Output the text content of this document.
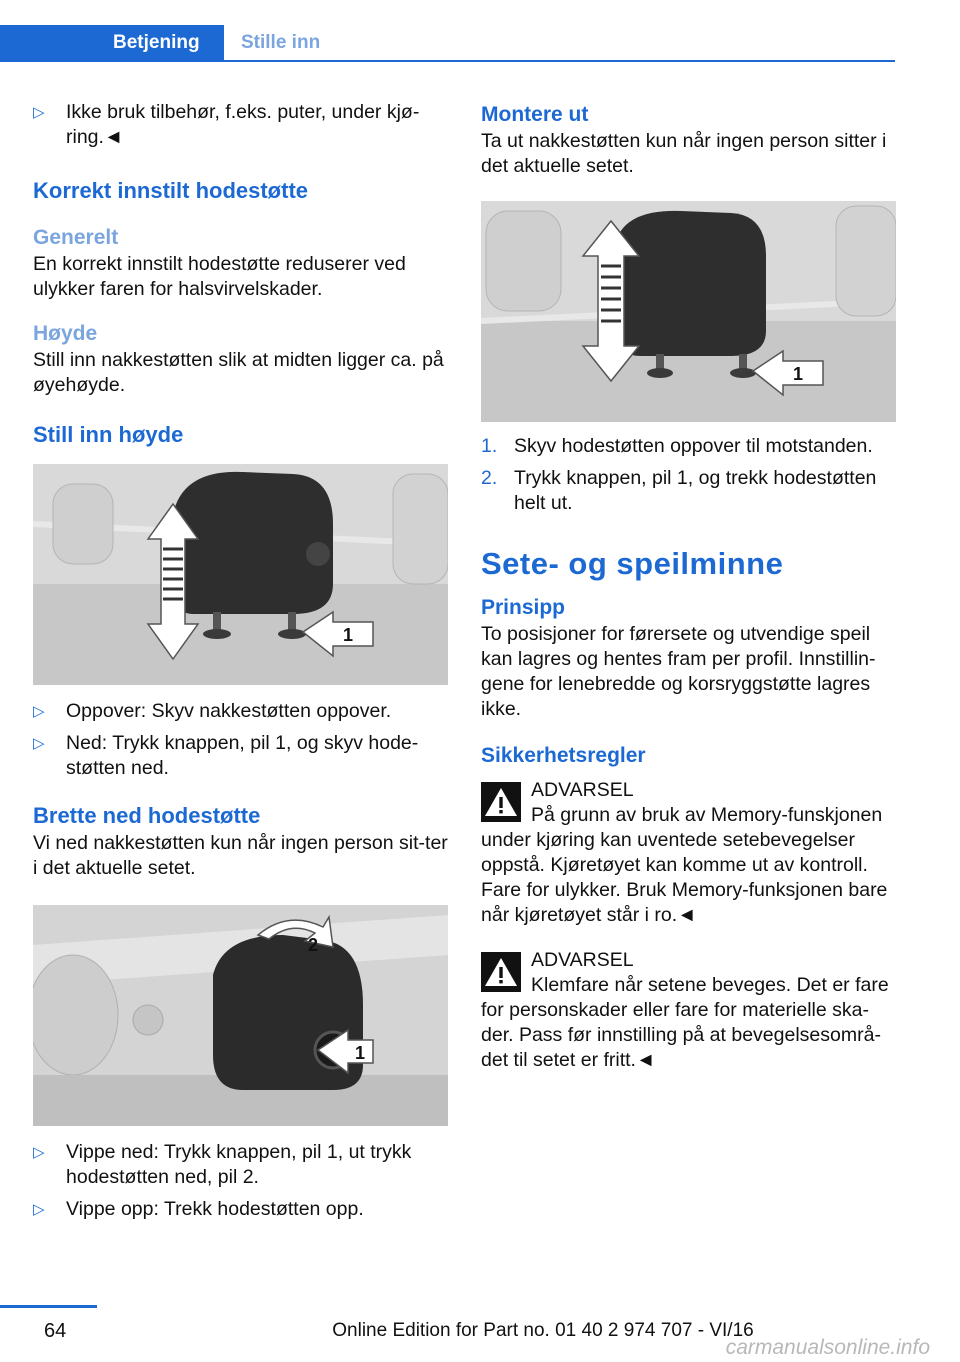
Betjening	Stille inn
▷ Ikke bruk tilbehør, f.eks. puter, under kjø-ring.◄
Korrekt innstilt hodestøtte
Generelt

En korrekt innstilt hodestøtte reduserer ved ulykker faren for halsvirvelskader.

Høyde

Still inn nakkestøtten slik at midten ligger ca. på øyehøyde.

Still inn høyde
1
▷ Oppover: Skyv nakkestøtten oppover.
▷ Ned: Trykk knappen, pil 1, og skyv hode-støtten ned.
Brette ned hodestøtte

Vi ned nakkestøtten kun når ingen person sit-ter i det aktuelle setet.

2
1
▷ Vippe ned: Trykk knappen, pil 1, ut trykk hodestøtten ned, pil 2.
▷ Vippe opp: Trekk hodestøtten opp.
Montere ut

Ta ut nakkestøtten kun når ingen person sitter i det aktuelle setet.

1
1. Skyv hodestøtten oppover til motstanden.
2. Trykk knappen, pil 1, og trekk hodestøtten helt ut.
Sete- og speilminne
Prinsipp

To posisjoner for førersete og utvendige speil kan lagres og hentes fram per profil. Innstillin-gene for lenebredde og korsryggstøtte lagres ikke.

Sikkerhetsregler
ADVARSEL
På grunn av bruk av Memory-funskjonen under kjøring kan uventede setebevegelser oppstå. Kjøretøyet kan komme ut av kontroll. Fare for ulykker. Bruk Memory-funksjonen bare når kjøretøyet står i ro.◄
ADVARSEL
Klemfare når setene beveges. Det er fare for personskader eller fare for materielle ska-der. Pass før innstilling på at bevegelsesområ-det til setet er fritt.◄
64	Online Edition for Part no. 01 40 2 974 707 - VI/16
carmanualsonline.info
